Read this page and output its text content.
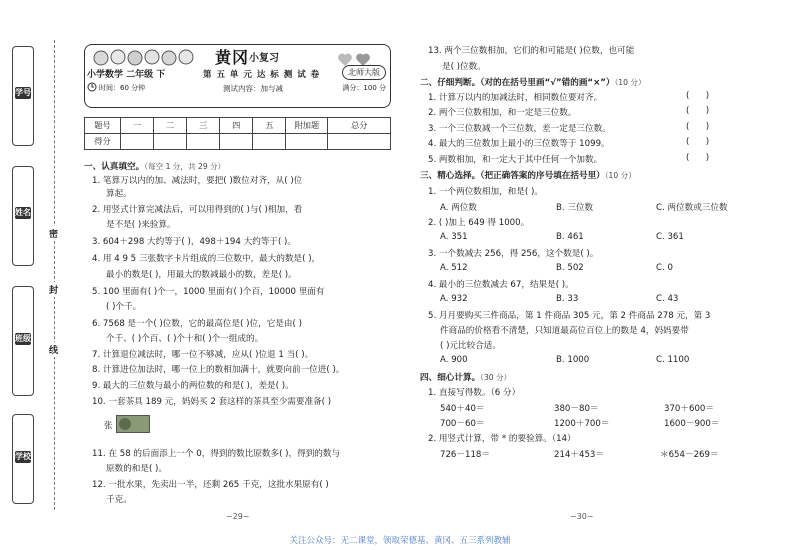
学号
姓名
班级
学校
密
封
线
黄冈 小复习
小学数学 二年级 下	第 五 单 元 达 标 测 试 卷	北师大版
时间：60 分钟	测试内容：加与减	满分：100 分
题号	一	二	三	四	五	附加题	总分
得分							
一、认真填空。（每空 1 分，共 29 分）
1. 笔算万以内的加、减法时，要把( )数位对齐，从( )位
算起。
2. 用竖式计算完减法后，可以用得到的( )与( )相加，看
是不是( )来验算。
3. 604＋298 大约等于( )，498＋194 大约等于( )。
4. 用 4 9 5 三张数字卡片组成的三位数中，最大的数是( )，
最小的数是( )，用最大的数减最小的数，差是( )。
5. 100 里面有( )个一，1000 里面有( )个百，10000 里面有
( )个千。
6. 7568 是一个( )位数，它的最高位是( )位，它是由( )
个千、( )个百、( )个十和( )个一组成的。
7. 计算退位减法时，哪一位不够减，应从( )位退 1 当( )。
8. 计算进位加法时，哪一位上的数相加满十，就要向前一位进( )。
9. 最大的三位数与最小的两位数的和是( )，差是( )。
10. 一套茶具 189 元，妈妈买 2 套这样的茶具至少需要准备( )
张
11. 在 58 的后面添上一个 0，得到的数比原数多( )，得到的数与
原数的和是( )。
12. 一批水果，先卖出一半，还剩 265 千克，这批水果原有( )
千克。
13. 两个三位数相加，它们的和可能是( )位数，也可能
是( )位数。
二、仔细判断。（对的在括号里画“√”错的画“×”）（10 分）
1. 计算万以内的加减法时，相同数位要对齐。	(      )
2. 两个三位数相加，和一定是三位数。	(      )
3. 一个三位数减一个三位数，差一定是三位数。	(      )
4. 最大的三位数加上最小的三位数等于 1099。	(      )
5. 两数相加，和一定大于其中任何一个加数。	(      )
三、精心选择。（把正确答案的序号填在括号里）（10 分）
1. 一个两位数相加，和是( )。
A. 两位数	B. 三位数	C. 两位数或三位数
2. ( )加上 649 得 1000。
A. 351	B. 461	C. 361
3. 一个数减去 256，得 256，这个数是( )。
A. 512	B. 502	C. 0
4. 最小的三位数减去 67，结果是( )。
A. 932	B. 33	C. 43
5. 月月要购买三件商品，第 1 件商品 305 元，第 2 件商品 278 元，第 3
件商品的价格看不清楚，只知道最高位百位上的数是 4，妈妈要带
( )元比较合适。
A. 900	B. 1000	C. 1100
四、细心计算。（30 分）
1. 直接写得数。（6 分）
540＋40＝	380－80＝	370＋600＝
700－60＝	1200＋700＝	1600－900＝
2. 用竖式计算，带 * 的要验算。（14）
726－118＝	214＋453＝	＊654－269＝
~29~	~30~
关注公众号：无二课堂，领取荣德基、黄冈、五三系列教辅
